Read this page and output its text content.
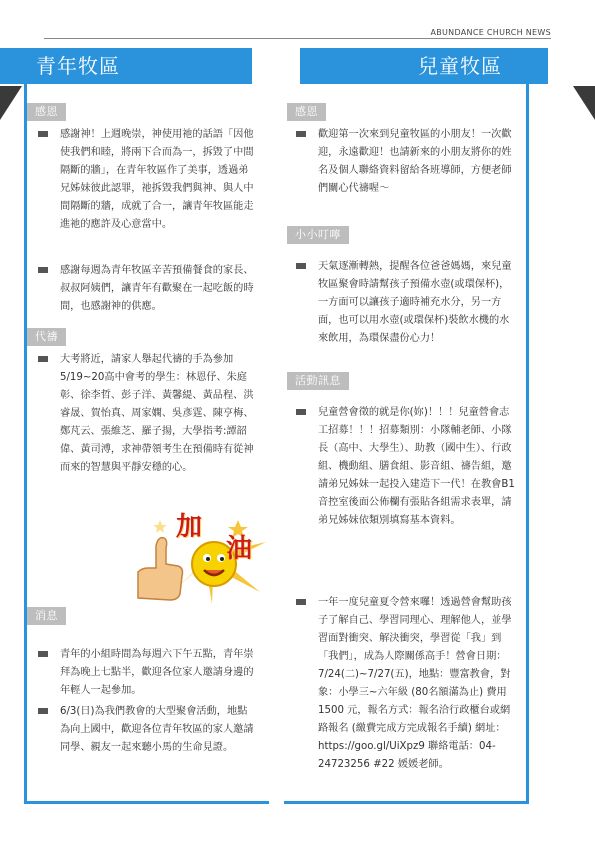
ABUNDANCE CHURCH NEWS
青年牧區	兒童牧區
感恩

感謝神！上週晚崇，神使用祂的話語「因他使我們和睦，將兩下合而為一，拆毀了中間隔斷的牆」，在青年牧區作了美事，透過弟兄姊妹彼此認罪，祂拆毀我們與神、與人中間隔斷的牆，成就了合一，讓青年牧區能走進祂的應許及心意當中。

感謝每週為青年牧區辛苦預備餐食的家長、叔叔阿姨們，讓青年有歡聚在一起吃飯的時間，也感謝神的供應。

代禱

大考將近，請家人舉起代禱的手為參加5/19~20高中會考的學生：林恩伃、朱庭彰、徐李哲、彭子洋、黃馨緹、黃品程、洪睿晟、賀怡真、周家嫻、吳彥霆、陳亨梅、鄭芃云、張維芝、羅子揚，大學指考:譚韶偉、黃司溥，求神帶領考生在預備時有從神而來的智慧與平靜安穩的心。

加
油
消息

青年的小組時間為每週六下午五點，青年崇拜為晚上七點半，歡迎各位家人邀請身邊的年輕人一起參加。

6/3(日)為我們教會的大型聚會活動，地點為向上國中，歡迎各位青年牧區的家人邀請同學、親友一起來聽小馬的生命見證。

感恩

歡迎第一次來到兒童牧區的小朋友！一次歡迎，永遠歡迎！也請新來的小朋友將你的姓名及個人聯絡資料留給各班導師，方便老師們關心代禱喔～

小小叮嚀

天氣逐漸轉熱，提醒各位爸爸媽媽，來兒童牧區聚會時請幫孩子預備水壺(或環保杯)，一方面可以讓孩子適時補充水分，另一方面，也可以用水壺(或環保杯)裝飲水機的水來飲用，為環保盡份心力！

活動訊息

兒童營會徵的就是你(妳)！！！兒童營會志工招募！！！招募類別：小隊輔老師、小隊長（高中、大學生）、助教（國中生）、行政組、機動組、膳食組、影音組、禱告組，邀請弟兄姊妹一起投入建造下一代！在教會B1音控室後面公佈欄有張貼各組需求表單，請弟兄姊妹依類別填寫基本資料。

一年一度兒童夏令營來囉！透過營會幫助孩子了解自己、學習同理心、理解他人，並學習面對衝突、解決衝突，學習從「我」到「我們」，成為人際關係高手！營會日期：7/24(二)~7/27(五)，地點：豐富教會，對象：小學三~六年級 (80名額滿為止) 費用 1500 元，報名方式：報名洽行政櫃台或網路報名 (繳費完成方完成報名手續) 網址：https://goo.gl/UiXpz9 聯絡電話：04-24723256 #22 媛媛老師。
